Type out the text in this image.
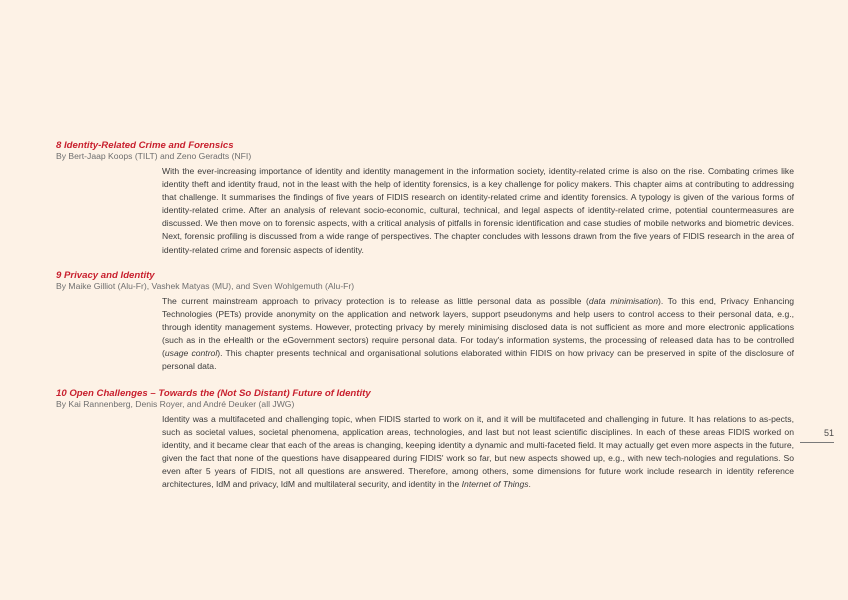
8 Identity-Related Crime and Forensics
By Bert-Jaap Koops (TILT) and Zeno Geradts (NFI)
With the ever-increasing importance of identity and identity management in the information society, identity-related crime is also on the rise. Combating crimes like identity theft and identity fraud, not in the least with the help of identity forensics, is a key challenge for policy makers. This chapter aims at contributing to addressing that challenge. It summarises the findings of five years of FIDIS research on identity-related crime and identity forensics. A typology is given of the various forms of identity-related crime. After an analysis of relevant socio-economic, cultural, technical, and legal aspects of identity-related crime, potential countermeasures are discussed. We then move on to forensic aspects, with a critical analysis of pitfalls in forensic identification and case studies of mobile networks and biometric devices. Next, forensic profiling is discussed from a wide range of perspectives. The chapter concludes with lessons drawn from the five years of FIDIS research in the area of identity-related crime and forensic aspects of identity.
9 Privacy and Identity
By Maike Gilliot (Alu-Fr), Vashek Matyas (MU), and Sven Wohlgemuth (Alu-Fr)
The current mainstream approach to privacy protection is to release as little personal data as possible (data minimisation). To this end, Privacy Enhancing Technologies (PETs) provide anonymity on the application and network layers, support pseudonyms and help users to control access to their personal data, e.g., through identity management systems. However, protecting privacy by merely minimising disclosed data is not sufficient as more and more electronic applications (such as in the eHealth or the eGovernment sectors) require personal data. For today's information systems, the processing of released data has to be controlled (usage control). This chapter presents technical and organisational solutions elaborated within FIDIS on how privacy can be preserved in spite of the disclosure of personal data.
10 Open Challenges – Towards the (Not So Distant) Future of Identity
By Kai Rannenberg, Denis Royer, and André Deuker (all JWG)
Identity was a multifaceted and challenging topic, when FIDIS started to work on it, and it will be multifaceted and challenging in future. It has relations to as-pects, such as societal values, societal phenomena, application areas, technologies, and last but not least scientific disciplines. In each of these areas FIDIS worked on identity, and it became clear that each of the areas is changing, keeping identity a dynamic and multi-faceted field. It may actually get even more aspects in the future, given the fact that none of the questions have disappeared during FIDIS' work so far, but new aspects showed up, e.g., with new tech-nologies and regulations. So even after 5 years of FIDIS, not all questions are answered. Therefore, among others, some dimensions for future work include research in identity reference architectures, IdM and privacy, IdM and multilateral security, and identity in the Internet of Things.
51
